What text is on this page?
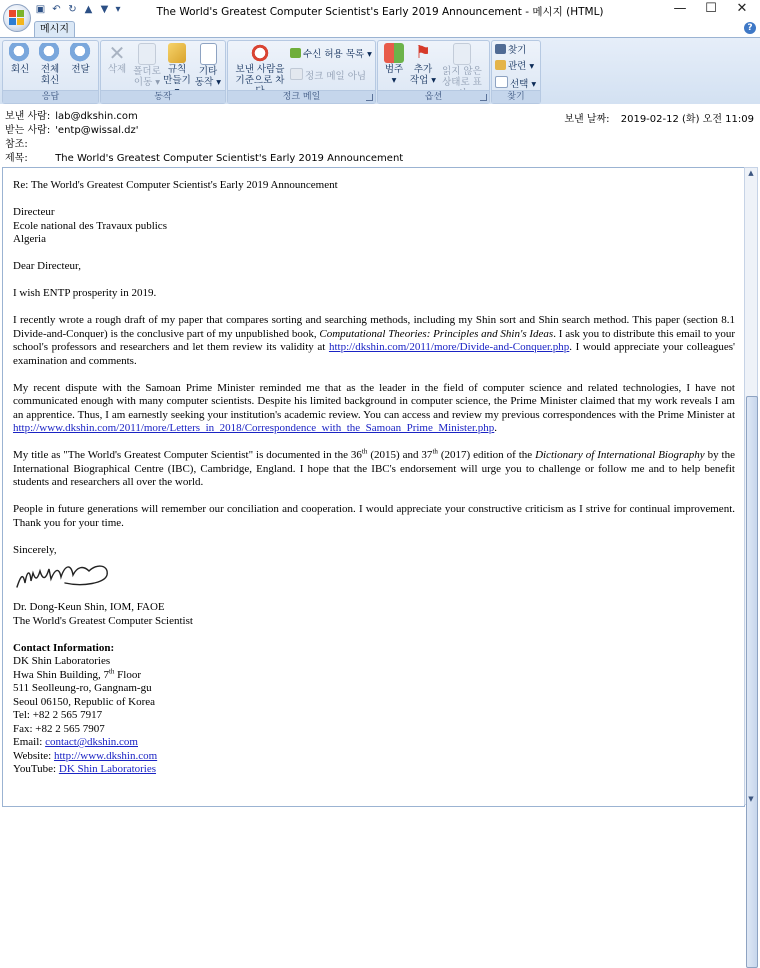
▣ ↶ ↻ ▲ ▼ ▾	The World's Greatest Computer Scientist's Early 2019 Announcement - 메시지 (HTML)	—	☐	✕
메시지	?
회신	전체
회신
전달
응답
✕
삭제 폴더로
이동 ▾
규칙
만들기
기타
동작 ▾
동작
보낸 사람을
기준으로 차
수신 허용 목록 ▾
정크 메일 아님
정크 메일
범주
▾
⚑
추가
작업 ▾
읽지 않은
상태로 표
옵션
찾기
관련 ▾
선택 ▾
찾기
보낸 사람: lab@dkshin.com
받는 사람: 'entp@wissal.dz'
참조:
제목:	The World's Greatest Computer Scientist's Early 2019 Announcement
보낸 날짜: 2019-02-12 (화) 오전 11:09

Re: The World's Greatest Computer Scientist's Early 2019 Announcement

Directeur
Ecole national des Travaux publics
Algeria

Dear Directeur,

I wish ENTP prosperity in 2019.

I recently wrote a rough draft of my paper that compares sorting and searching methods, including my Shin sort and Shin search method. This paper (section 8.1 Divide-and-Conquer) is the conclusive part of my unpublished book, Computational Theories: Principles and Shin's Ideas. I ask you to distribute this email to your school's professors and researchers and let them review its validity at http://dkshin.com/2011/more/Divide-and-Conquer.php. I would appreciate your colleagues' examination and comments.

My recent dispute with the Samoan Prime Minister reminded me that as the leader in the field of computer science and related technologies, I have not communicated enough with many computer scientists. Despite his limited background in computer science, the Prime Minister claimed that my work reveals I am an apprentice. Thus, I am earnestly seeking your institution's academic review. You can access and review my previous correspondences with the Prime Minister at http://www.dkshin.com/2011/more/Letters_in_2018/Correspondence_with_the_Samoan_Prime_Minister.php.

My title as "The World's Greatest Computer Scientist" is documented in the 36th (2015) and 37th (2017) edition of the Dictionary of International Biography by the International Biographical Centre (IBC), Cambridge, England. I hope that the IBC's endorsement will urge you to challenge or follow me and to help benefit students and researchers all over the world.

People in future generations will remember our conciliation and cooperation. I would appreciate your constructive criticism as I strive for continual improvement. Thank you for your time.

Sincerely,
Dr. Dong-Keun Shin, IOM, FAOE
The World's Greatest Computer Scientist
Contact Information:
DK Shin Laboratories
Hwa Shin Building, 7th Floor
511 Seolleung-ro, Gangnam-gu
Seoul 06150, Republic of Korea
Tel: +82 2 565 7917
Fax: +82 2 565 7907
Email: contact@dkshin.com
Website: http://www.dkshin.com
YouTube: DK Shin Laboratories
▲
▼
